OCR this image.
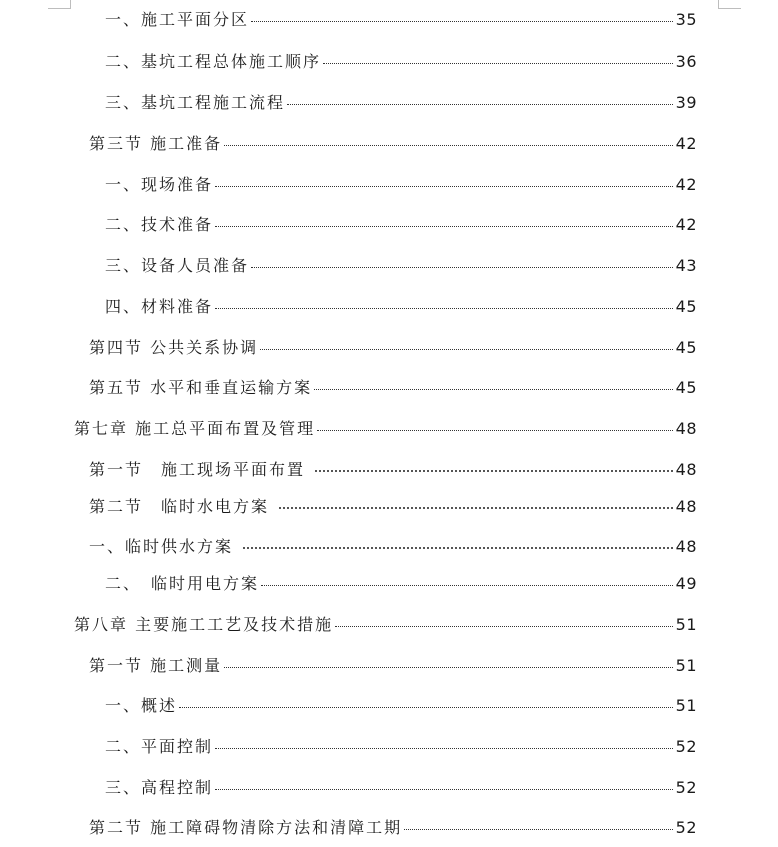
一、施工平面分区	35
二、基坑工程总体施工顺序	36
三、基坑工程施工流程	39
第三节 施工准备	42
一、现场准备	42
二、技术准备	42
三、设备人员准备	43
四、材料准备	45
第四节 公共关系协调	45
第五节 水平和垂直运输方案	45
第七章 施工总平面布置及管理	48
第一节　施工现场平面布置	48
第二节　临时水电方案	48
一、临时供水方案	48
二、　临时用电方案	49
第八章 主要施工工艺及技术措施	51
第一节 施工测量	51
一、概述	51
二、平面控制	52
三、高程控制	52
第二节 施工障碍物清除方法和清障工期	52
